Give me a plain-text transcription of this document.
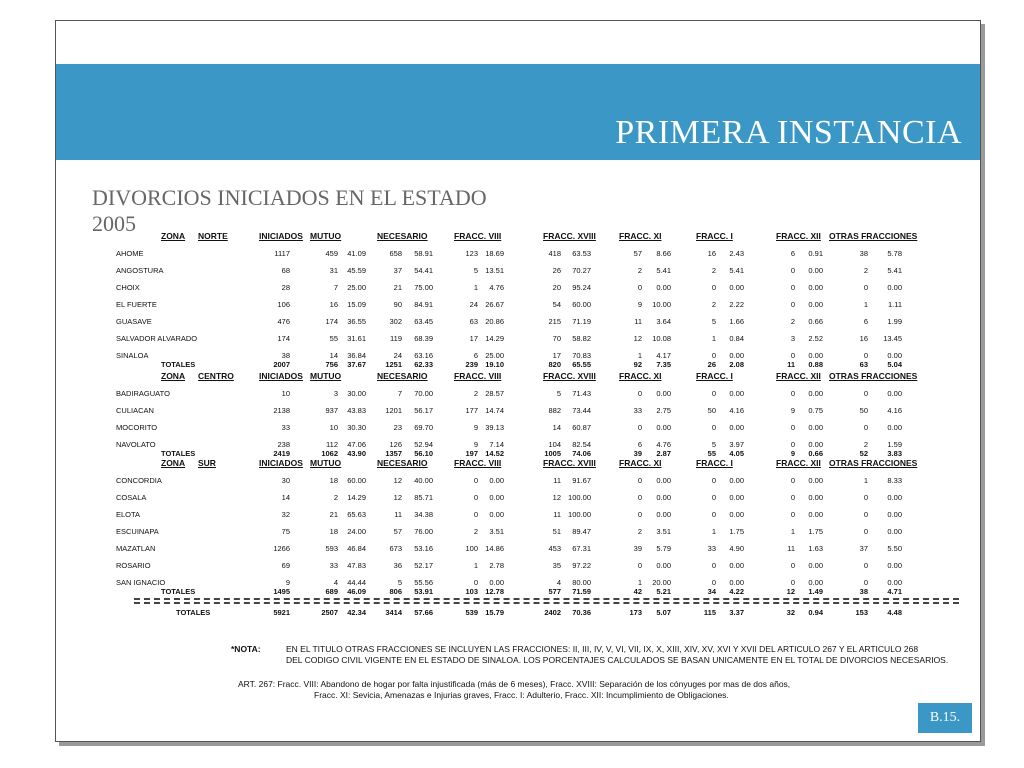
PRIMERA INSTANCIA
DIVORCIOS INICIADOS EN EL ESTADO
2005	ZONA NORTE	INICIADOS MUTUO	NECESARIO	FRACC. VIII	FRACC. XVIII	FRACC. XI	FRACC. I	FRACC. XII OTRAS FRACCIONES
AHOME	1117	459	41.09	658	58.91	123 18.69	418	63.53	57	8.66	16	2.43	6	0.91	38	5.78
ANGOSTURA	68	31	45.59	37	54.41	5 13.51	26	70.27	2	5.41	2	5.41	0	0.00	2	5.41
CHOIX	28	7	25.00	21	75.00	1	4.76	20	95.24	0	0.00	0	0.00	0	0.00	0	0.00
EL FUERTE	106	16	15.09	90	84.91	24 26.67	54	60.00	9	10.00	2	2.22	0	0.00	1	1.11
GUASAVE	476	174	36.55	302	63.45	63 20.86	215	71.19	11	3.64	5	1.66	2	0.66	6	1.99
SALVADOR ALVARADO	174	55	31.61	119	68.39	17 14.29	70	58.82	12	10.08	1	0.84	3	2.52	16	13.45
SINALOA	38	14	36.84	24	63.16	6 25.00	17	70.83	1	4.17	0	0.00	0	0.00	0	0.00
TOTALES	2007	756	37.67	1251	62.33	239 19.10	820	65.55	92	7.35	26	2.08	11	0.88	63	5.04
ZONA CENTRO	INICIADOS MUTUO	NECESARIO	FRACC. VIII	FRACC. XVIII	FRACC. XI	FRACC. I	FRACC. XII OTRAS FRACCIONES
BADIRAGUATO	10	3	30.00	7	70.00	2 28.57	5	71.43	0	0.00	0	0.00	0	0.00	0	0.00
CULIACAN	2138	937	43.83	1201	56.17	177 14.74	882	73.44	33	2.75	50	4.16	9	0.75	50	4.16
MOCORITO	33	10	30.30	23	69.70	9 39.13	14	60.87	0	0.00	0	0.00	0	0.00	0	0.00
NAVOLATO	238	112	47.06	126	52.94	9	7.14	104	82.54	6	4.76	5	3.97	0	0.00	2	1.59
TOTALES	2419	1062	43.90	1357	56.10	197 14.52	1005	74.06	39	2.87	55	4.05	9	0.66	52	3.83
ZONA SUR	INICIADOS MUTUO	NECESARIO	FRACC. VIII	FRACC. XVIII	FRACC. XI	FRACC. I	FRACC. XII OTRAS FRACCIONES
CONCORDIA	30	18	60.00	12	40.00	0	0.00	11	91.67	0	0.00	0	0.00	0	0.00	1	8.33
COSALA	14	2	14.29	12	85.71	0	0.00	12 100.00	0	0.00	0	0.00	0	0.00	0	0.00
ELOTA	32	21	65.63	11	34.38	0	0.00	11 100.00	0	0.00	0	0.00	0	0.00	0	0.00
ESCUINAPA	75	18	24.00	57	76.00	2	3.51	51	89.47	2	3.51	1	1.75	1	1.75	0	0.00
MAZATLAN	1266	593	46.84	673	53.16	100 14.86	453	67.31	39	5.79	33	4.90	11	1.63	37	5.50
ROSARIO	69	33	47.83	36	52.17	1	2.78	35	97.22	0	0.00	0	0.00	0	0.00	0	0.00
SAN IGNACIO	9	4	44.44	5	55.56	0	0.00	4	80.00	1	20.00	0	0.00	0	0.00	0	0.00
TOTALES	1495	689	46.09	806	53.91	103 12.78	577	71.59	42	5.21	34	4.22	12	1.49	38	4.71
TOTALES	5921	2507	42.34	3414	57.66	539 15.79	2402	70.36	173	5.07	115	3.37	32	0.94	153	4.48
*NOTA:	EN EL TITULO OTRAS FRACCIONES SE INCLUYEN LAS FRACCIONES: II, III, IV, V, VI, VII, IX, X, XIII, XIV, XV, XVI Y XVII DEL ARTICULO 267 Y EL ARTICULO 268
DEL CODIGO CIVIL VIGENTE EN EL ESTADO DE SINALOA. LOS PORCENTAJES CALCULADOS SE BASAN UNICAMENTE EN EL TOTAL DE DIVORCIOS NECESARIOS.
ART. 267: Fracc. VIII: Abandono de hogar por falta injustificada (más de 6 meses), Fracc. XVIII: Separación de los cónyuges por mas de dos años,
Fracc. XI: Sevicia, Amenazas e Injurias graves, Fracc. I: Adulterio, Fracc. XII: Incumplimiento de Obligaciones.
B.15.
